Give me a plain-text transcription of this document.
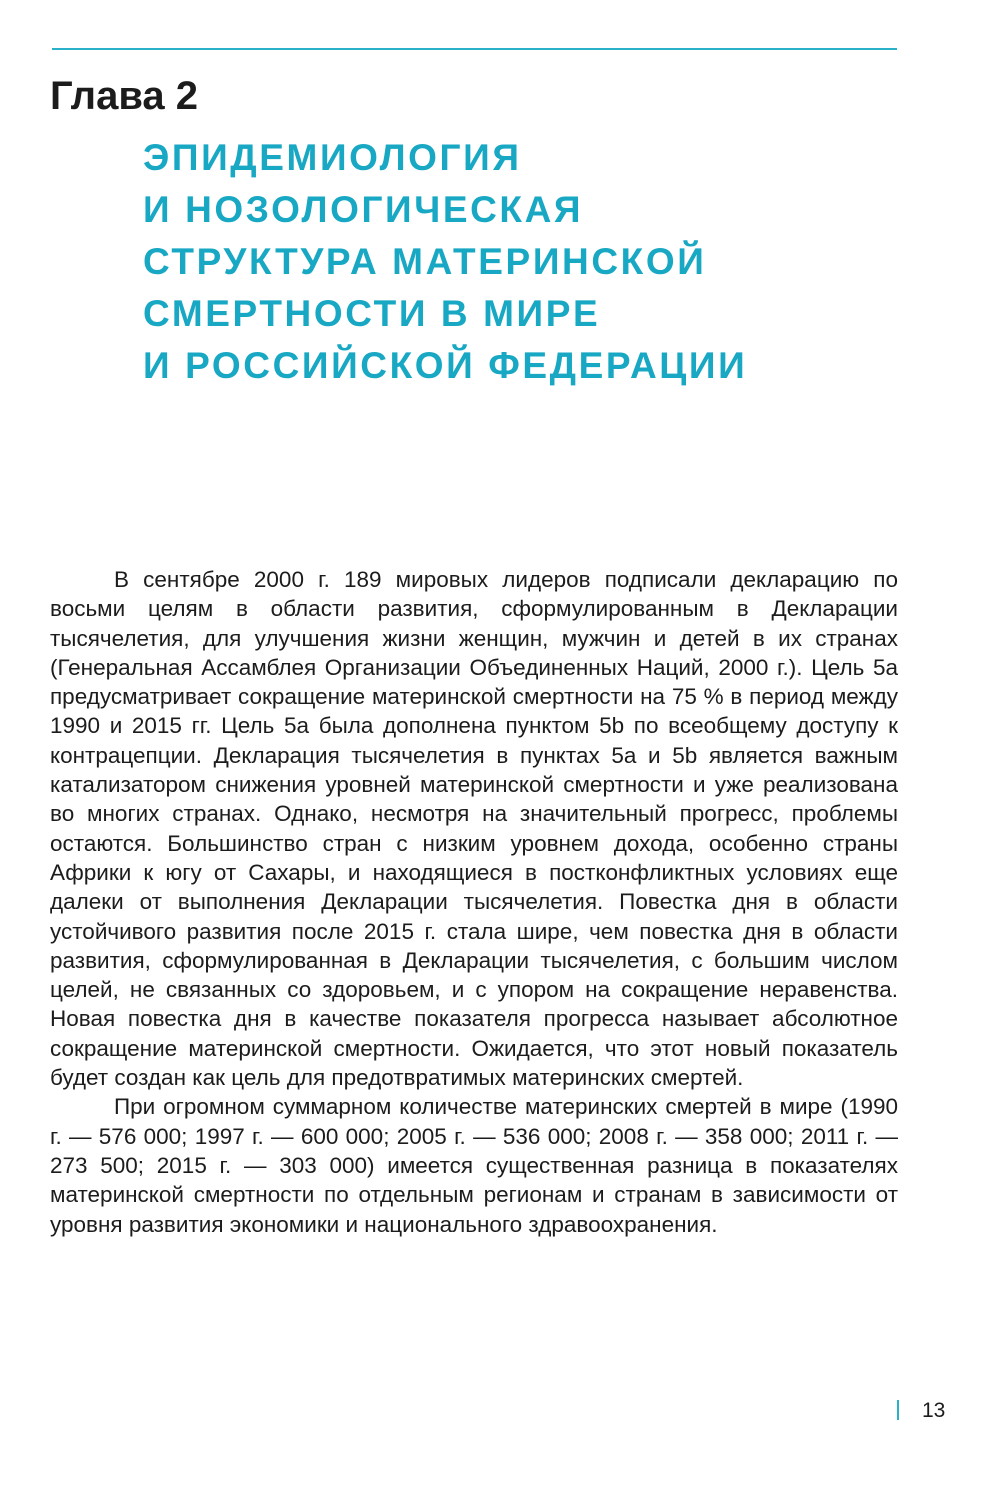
Глава 2
ЭПИДЕМИОЛОГИЯ
И НОЗОЛОГИЧЕСКАЯ
СТРУКТУРА МАТЕРИНСКОЙ
СМЕРТНОСТИ В МИРЕ
И РОССИЙСКОЙ ФЕДЕРАЦИИ

В сентябре 2000 г. 189 мировых лидеров подписали декларацию по восьми целям в области развития, сформулированным в Декларации тысячелетия, для улучшения жизни женщин, мужчин и детей в их странах (Генеральная Ассамблея Организации Объединенных Наций, 2000 г.). Цель 5а предусматривает сокращение материнской смертности на 75 % в период между 1990 и 2015 гг. Цель 5а была дополнена пунктом 5b по всеобщему доступу к контрацепции. Декларация тысячелетия в пунктах 5а и 5b является важным катализатором снижения уровней материнской смертности и уже реализована во многих странах. Однако, несмотря на значительный прогресс, проблемы остаются. Большинство стран с низким уровнем дохода, особенно страны Африки к югу от Сахары, и находящиеся в постконфликтных условиях еще далеки от выполнения Декларации тысячелетия. Повестка дня в области устойчивого развития после 2015 г. стала шире, чем повестка дня в области развития, сформулированная в Декларации тысячелетия, с большим числом целей, не связанных со здоровьем, и с упором на сокращение неравенства. Новая повестка дня в качестве показателя прогресса называет абсолютное сокращение материнской смертности. Ожидается, что этот новый показатель будет создан как цель для предотвратимых материнских смертей.

При огромном суммарном количестве материнских смертей в мире (1990 г. — 576 000; 1997 г. — 600 000; 2005 г. — 536 000; 2008 г. — 358 000; 2011 г. — 273 500; 2015 г. — 303 000) имеется существенная разница в показателях материнской смертности по отдельным регионам и странам в зависимости от уровня развития экономики и национального здравоохранения.

13
